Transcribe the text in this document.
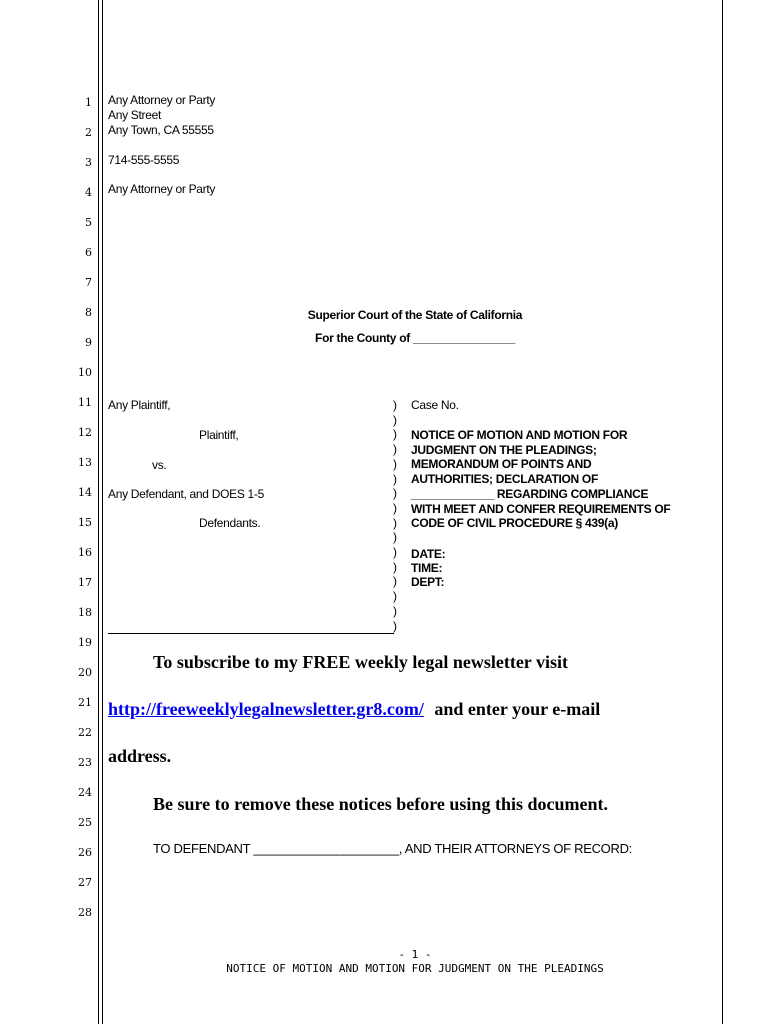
1
2
3
4
5
6
7
8
9
10
11
12
13
14
15
16
17
18
19
20
21
22
23
24
25
26
27
28
Any Attorney or Party
Any Street
Any Town, CA 55555
714-555-5555
Any Attorney or Party
Superior Court of the State of California
For the County of ________________
Any Plaintiff,
Plaintiff,
vs.
Any Defendant, and DOES 1-5
Defendants.
)
)
)
)
)
)
)
)
)
)
)
)
)
)
)
)
Case No.
NOTICE OF MOTION AND MOTION FOR
JUDGMENT ON THE PLEADINGS;
MEMORANDUM OF POINTS AND
AUTHORITIES; DECLARATION OF
_____________ REGARDING COMPLIANCE
WITH MEET AND CONFER REQUIREMENTS OF
CODE OF CIVIL PROCEDURE § 439(a)
DATE:
TIME:
DEPT:
To subscribe to my FREE weekly legal newsletter visit
http://freeweeklylegalnewsletter.gr8.com/ and enter your e-mail
address.
Be sure to remove these notices before using this document.
TO DEFENDANT _____________________, AND THEIR ATTORNEYS OF RECORD:
- 1 -
NOTICE OF MOTION AND MOTION FOR JUDGMENT ON THE PLEADINGS
